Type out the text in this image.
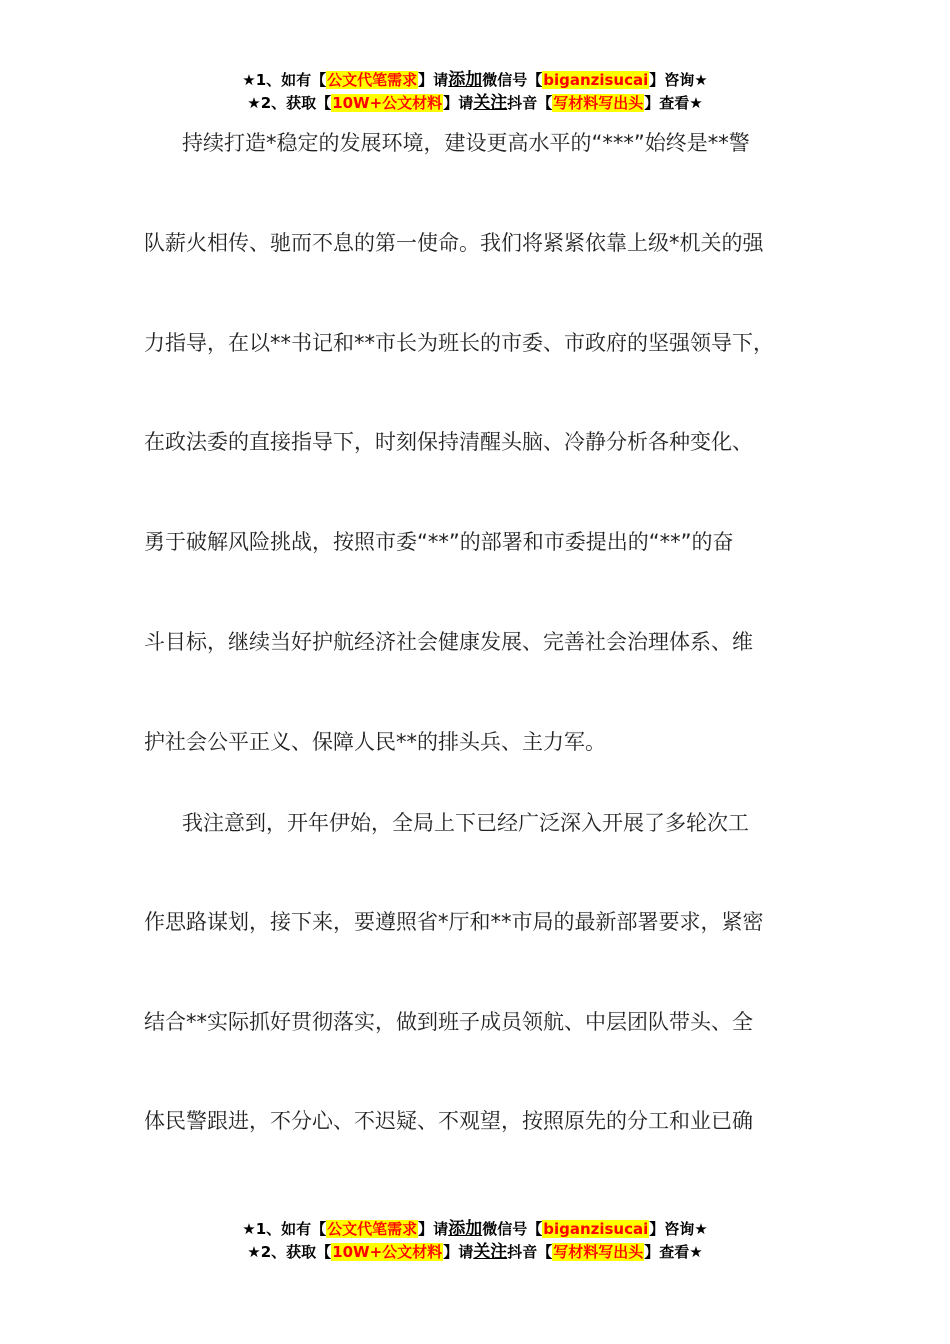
★1、如有【公文代笔需求】请添加微信号【biganzisucai】咨询★
★2、获取【10W+公文材料】请关注抖音【写材料写出头】查看★
持续打造*稳定的发展环境，建设更高水平的“***”始终是**警
队薪火相传、驰而不息的第一使命。我们将紧紧依靠上级*机关的强
力指导，在以**书记和**市长为班长的市委、市政府的坚强领导下，
在政法委的直接指导下，时刻保持清醒头脑、冷静分析各种变化、
勇于破解风险挑战，按照市委“**”的部署和市委提出的“**”的奋
斗目标，继续当好护航经济社会健康发展、完善社会治理体系、维
护社会公平正义、保障人民**的排头兵、主力军。
我注意到，开年伊始，全局上下已经广泛深入开展了多轮次工
作思路谋划，接下来，要遵照省*厅和**市局的最新部署要求，紧密
结合**实际抓好贯彻落实，做到班子成员领航、中层团队带头、全
体民警跟进，不分心、不迟疑、不观望，按照原先的分工和业已确
★1、如有【公文代笔需求】请添加微信号【biganzisucai】咨询★
★2、获取【10W+公文材料】请关注抖音【写材料写出头】查看★
